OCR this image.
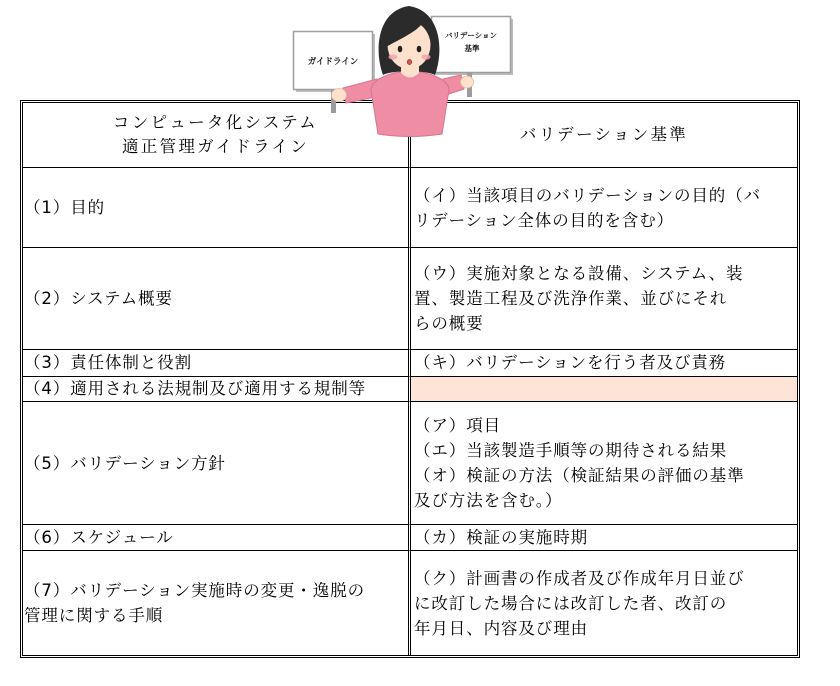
ガイドライン
バリデーション
基準
コンピュータ化システム
適正管理ガイドライン
バリデーション基準
（1）目的
（イ）当該項目のバリデーションの目的（バ
リデーション全体の目的を含む）
（2）システム概要
（ウ）実施対象となる設備、システム、装
置、製造工程及び洗浄作業、並びにそれ
らの概要
（3）責任体制と役割	（キ）バリデーションを行う者及び責務
（4）適用される法規制及び適用する規制等
（5）バリデーション方針
（ア）項目
（エ）当該製造手順等の期待される結果
（オ）検証の方法（検証結果の評価の基準
及び方法を含む。）
（6）スケジュール	（カ）検証の実施時期
（7）バリデーション実施時の変更・逸脱の
管理に関する手順
（ク）計画書の作成者及び作成年月日並び
に改訂した場合には改訂した者、改訂の
年月日、内容及び理由
